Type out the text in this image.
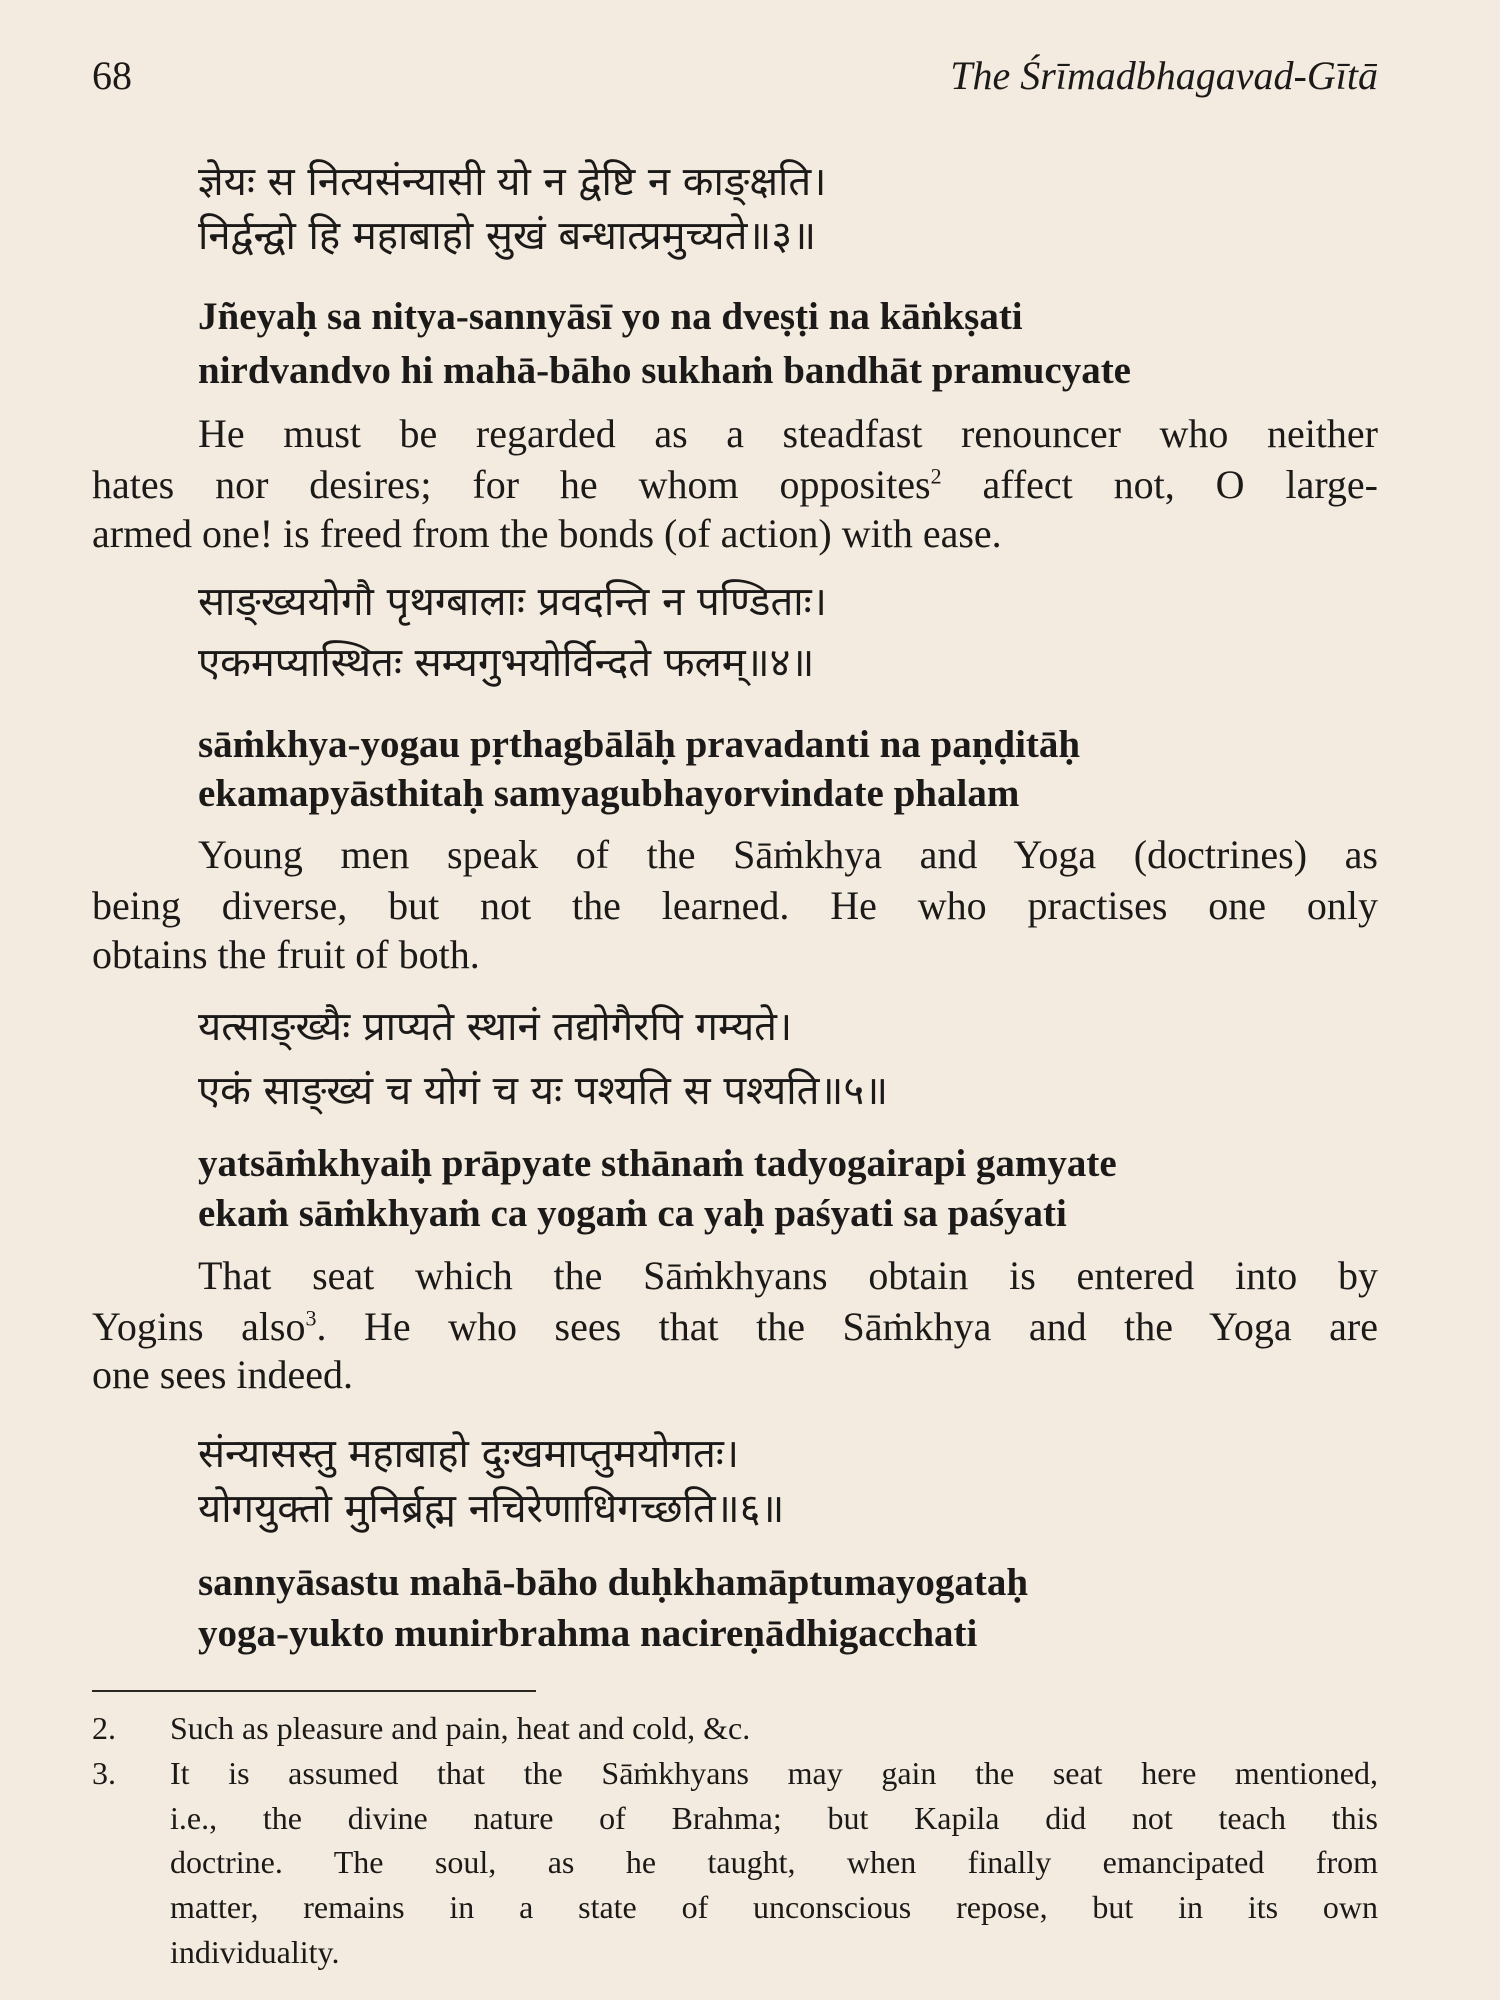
68	The Śrīmadbhagavad-Gītā
ज्ञेयः स नित्यसंन्यासी यो न द्वेष्टि न काङ्क्षति।
निर्द्वन्द्वो हि महाबाहो सुखं बन्धात्प्रमुच्यते॥३॥
Jñeyaḥ sa nitya-sannyāsī yo na dveṣṭi na kāṅkṣati
nirdvandvo hi mahā-bāho sukhaṁ bandhāt pramucyate
He must be regarded as a steadfast renouncer who neither
hates nor desires; for he whom opposites$^2$ affect not, O large-
armed one! is freed from the bonds (of action) with ease.
साङ्ख्ययोगौ पृथग्बालाः प्रवदन्ति न पण्डिताः।
एकमप्यास्थितः सम्यगुभयोर्विन्दते फलम्॥४॥
sāṁkhya-yogau pṛthagbālāḥ pravadanti na paṇḍitāḥ
ekamapyāsthitaḥ samyagubhayorvindate phalam
Young men speak of the Sāṁkhya and Yoga (doctrines) as
being diverse, but not the learned. He who practises one only
obtains the fruit of both.
यत्साङ्ख्यैः प्राप्यते स्थानं तद्योगैरपि गम्यते।
एकं साङ्ख्यं च योगं च यः पश्यति स पश्यति॥५॥
yatsāṁkhyaiḥ prāpyate sthānaṁ tadyogairapi gamyate
ekaṁ sāṁkhyaṁ ca yogaṁ ca yaḥ paśyati sa paśyati
That seat which the Sāṁkhyans obtain is entered into by
Yogins also$^3$. He who sees that the Sāṁkhya and the Yoga are
one sees indeed.
संन्यासस्तु महाबाहो दुःखमाप्तुमयोगतः।
योगयुक्तो मुनिर्ब्रह्म नचिरेणाधिगच्छति॥६॥
sannyāsastu mahā-bāho duḥkhamāptumayogataḥ
yoga-yukto munirbrahma nacireṇādhigacchati
2. Such as pleasure and pain, heat and cold, &c.
3. It is assumed that the Sāṁkhyans may gain the seat here mentioned,
i.e., the divine nature of Brahma; but Kapila did not teach this
doctrine. The soul, as he taught, when finally emancipated from
matter, remains in a state of unconscious repose, but in its own
individuality.
